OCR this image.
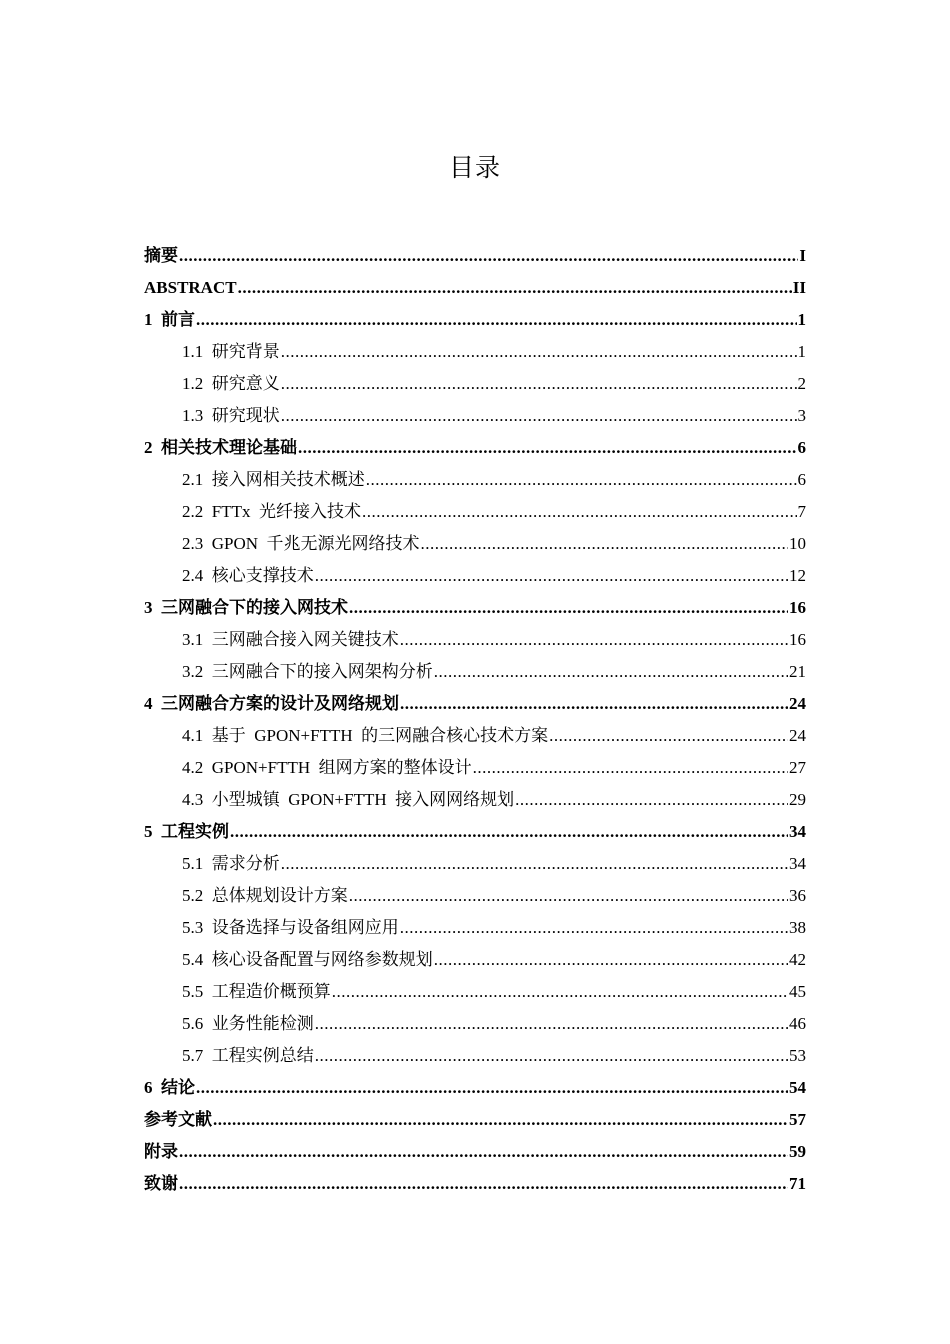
目录
摘要 .....	I
ABSTRACT .....	II
1  前言 .....	1
1.1  研究背景 .....	1
1.2  研究意义 .....	2
1.3  研究现状 .....	3
2  相关技术理论基础 .....	6
2.1  接入网相关技术概述 .....	6
2.2  FTTx  光纤接入技术 .....	7
2.3  GPON  千兆无源光网络技术 .....	10
2.4  核心支撑技术 .....	12
3  三网融合下的接入网技术 .....	16
3.1  三网融合接入网关键技术 .....	16
3.2  三网融合下的接入网架构分析 .....	21
4  三网融合方案的设计及网络规划 .....	24
4.1  基于  GPON+FTTH  的三网融合核心技术方案 .....	24
4.2  GPON+FTTH  组网方案的整体设计 .....	27
4.3  小型城镇  GPON+FTTH  接入网网络规划 .....	29
5  工程实例 .....	34
5.1  需求分析 .....	34
5.2  总体规划设计方案 .....	36
5.3  设备选择与设备组网应用 .....	38
5.4  核心设备配置与网络参数规划 .....	42
5.5  工程造价概预算 .....	45
5.6  业务性能检测 .....	46
5.7  工程实例总结 .....	53
6  结论 .....	54
参考文献 .....	57
附录 .....	59
致谢 .....	71
